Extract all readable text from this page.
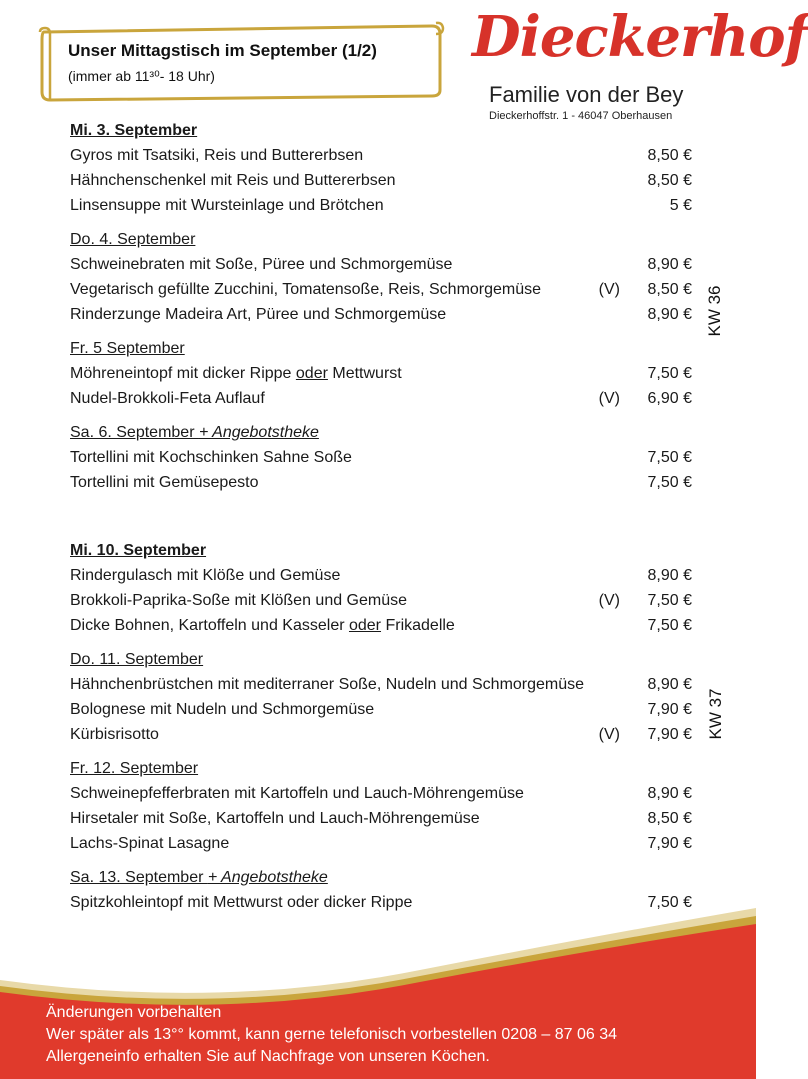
Unser Mittagstisch im September (1/2)
(immer ab 11³⁰- 18 Uhr)
Dieckerhof
Familie von der Bey
Dieckerhoffstr. 1 - 46047 Oberhausen
Mi. 3. September
Gyros mit Tsatsiki, Reis und Buttererbsen	8,50 €
Hähnchenschenkel mit Reis und Buttererbsen	8,50 €
Linsensuppe mit Wursteinlage und Brötchen	5 €
Do. 4. September
Schweinebraten mit Soße, Püree und Schmorgemüse	8,90 €
Vegetarisch gefüllte Zucchini, Tomatensoße, Reis, Schmorgemüse	(V) 8,50 €
Rinderzunge Madeira Art, Püree und Schmorgemüse	8,90 €
Fr. 5 September
Möhreneintopf mit dicker Rippe oder Mettwurst	7,50 €
Nudel-Brokkoli-Feta Auflauf	(V) 6,90 €
Sa. 6. September + Angebotstheke
Tortellini mit Kochschinken Sahne Soße	7,50 €
Tortellini mit Gemüsepesto	7,50 €
Mi. 10. September
Rindergulasch mit Klöße und Gemüse	8,90 €
Brokkoli-Paprika-Soße mit Klößen und Gemüse	(V) 7,50 €
Dicke Bohnen, Kartoffeln und Kasseler oder Frikadelle	7,50 €
Do. 11. September
Hähnchenbrüstchen mit mediterraner Soße, Nudeln und Schmorgemüse	8,90 €
Bolognese mit Nudeln und Schmorgemüse	7,90 €
Kürbisrisotto	(V) 7,90 €
Fr. 12. September
Schweinepfefferbraten mit Kartoffeln und Lauch-Möhrengemüse	8,90 €
Hirsetaler mit Soße, Kartoffeln und Lauch-Möhrengemüse	8,50 €
Lachs-Spinat Lasagne	7,90 €
Sa. 13. September + Angebotstheke
Spitzkohleintopf mit Mettwurst oder dicker Rippe	7,50 €
KW 36
KW 37
Änderungen vorbehalten
Wer später als 13°° kommt, kann gerne telefonisch vorbestellen 0208 – 87 06 34
Allergeneinfo erhalten Sie auf Nachfrage von unseren Köchen.
